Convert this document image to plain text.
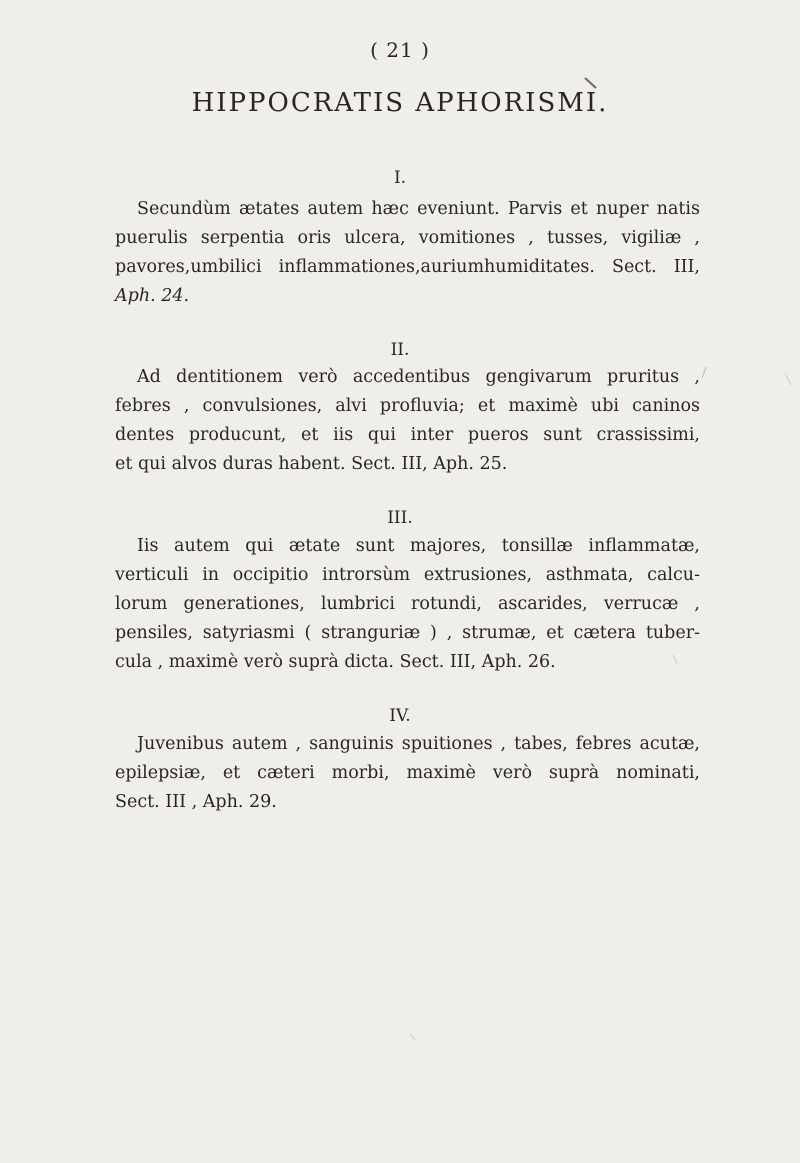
( 21 )
HIPPOCRATIS APHORISMI.
I.
Secundùm ætates autem hæc eveniunt. Parvis et nuper natis
puerulis serpentia oris ulcera, vomitiones , tusses, vigiliæ ,
pavores,umbilici inflammationes,auriumhumiditates. Sect. III,
Aph. 24.
II.
Ad dentitionem verò accedentibus gengivarum pruritus ,
febres , convulsiones, alvi profluvia; et maximè ubi caninos
dentes producunt, et iis qui inter pueros sunt crassissimi,
et qui alvos duras habent. Sect. III, Aph. 25.
III.
Iis autem qui ætate sunt majores, tonsillæ inflammatæ,
verticuli in occipitio introrsùm extrusiones, asthmata, calcu-
lorum generationes, lumbrici rotundi, ascarides, verrucæ ,
pensiles, satyriasmi ( stranguriæ ) , strumæ, et cætera tuber-
cula , maximè verò suprà dicta. Sect. III, Aph. 26.
IV.
Juvenibus autem , sanguinis spuitiones , tabes, febres acutæ,
epilepsiæ, et cæteri morbi, maximè verò suprà nominati,
Sect. III , Aph. 29.
